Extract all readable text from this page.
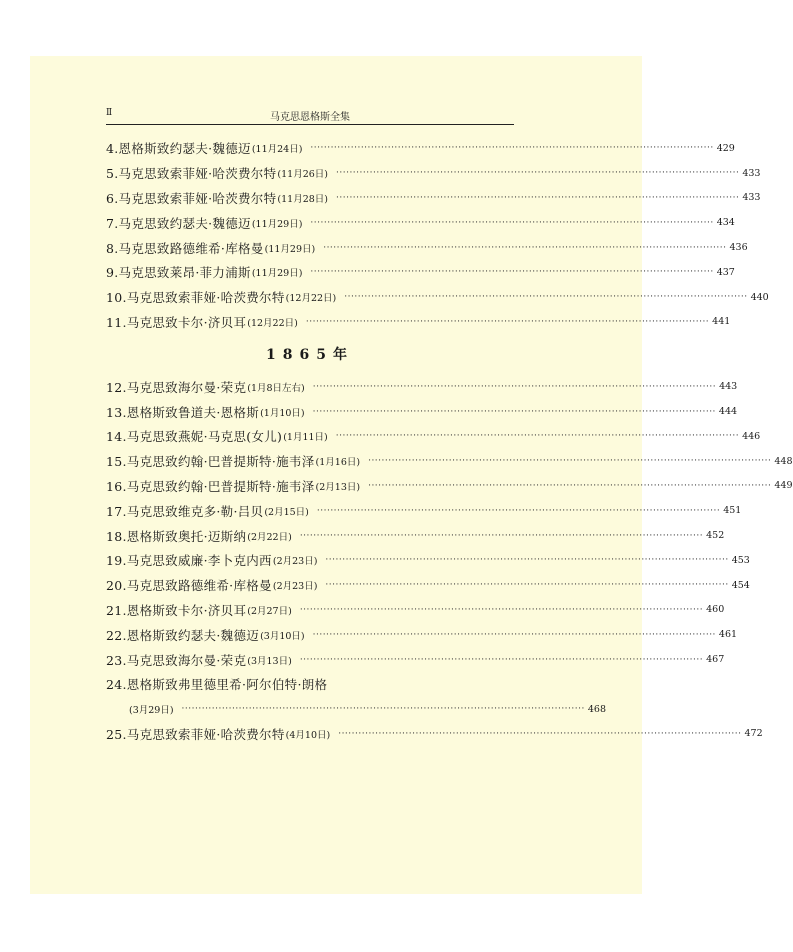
Ⅱ	马克思恩格斯全集
4.恩格斯致约瑟夫·魏德迈 (11月24日) ························································································································ 429
5.马克思致索菲娅·哈茨费尔特 (11月26日) ························································································································ 433
6.马克思致索菲娅·哈茨费尔特 (11月28日) ························································································································ 433
7.马克思致约瑟夫·魏德迈 (11月29日) ························································································································ 434
8.马克思致路德维希·库格曼 (11月29日) ························································································································ 436
9.马克思致莱昂·菲力浦斯 (11月29日) ························································································································ 437
10.马克思致索菲娅·哈茨费尔特 (12月22日) ························································································································ 440
11.马克思致卡尔·济贝耳 (12月22日) ························································································································ 441
1865年
12.马克思致海尔曼·荣克 (1月8日左右) ························································································································ 443
13.恩格斯致鲁道夫·恩格斯 (1月10日) ························································································································ 444
14.马克思致燕妮·马克思(女儿) (1月11日) ························································································································ 446
15.马克思致约翰·巴普提斯特·施韦泽 (1月16日) ························································································································ 448
16.马克思致约翰·巴普提斯特·施韦泽 (2月13日) ························································································································ 449
17.马克思致维克多·勒·吕贝 (2月15日) ························································································································ 451
18.恩格斯致奥托·迈斯纳 (2月22日) ························································································································ 452
19.马克思致威廉·李卜克内西 (2月23日) ························································································································ 453
20.马克思致路德维希·库格曼 (2月23日) ························································································································ 454
21.恩格斯致卡尔·济贝耳 (2月27日) ························································································································ 460
22.恩格斯致约瑟夫·魏德迈 (3月10日) ························································································································ 461
23.马克思致海尔曼·荣克 (3月13日) ························································································································ 467
24.恩格斯致弗里德里希·阿尔伯特·朗格
(3月29日) ························································································································ 468
25.马克思致索菲娅·哈茨费尔特 (4月10日) ························································································································ 472
